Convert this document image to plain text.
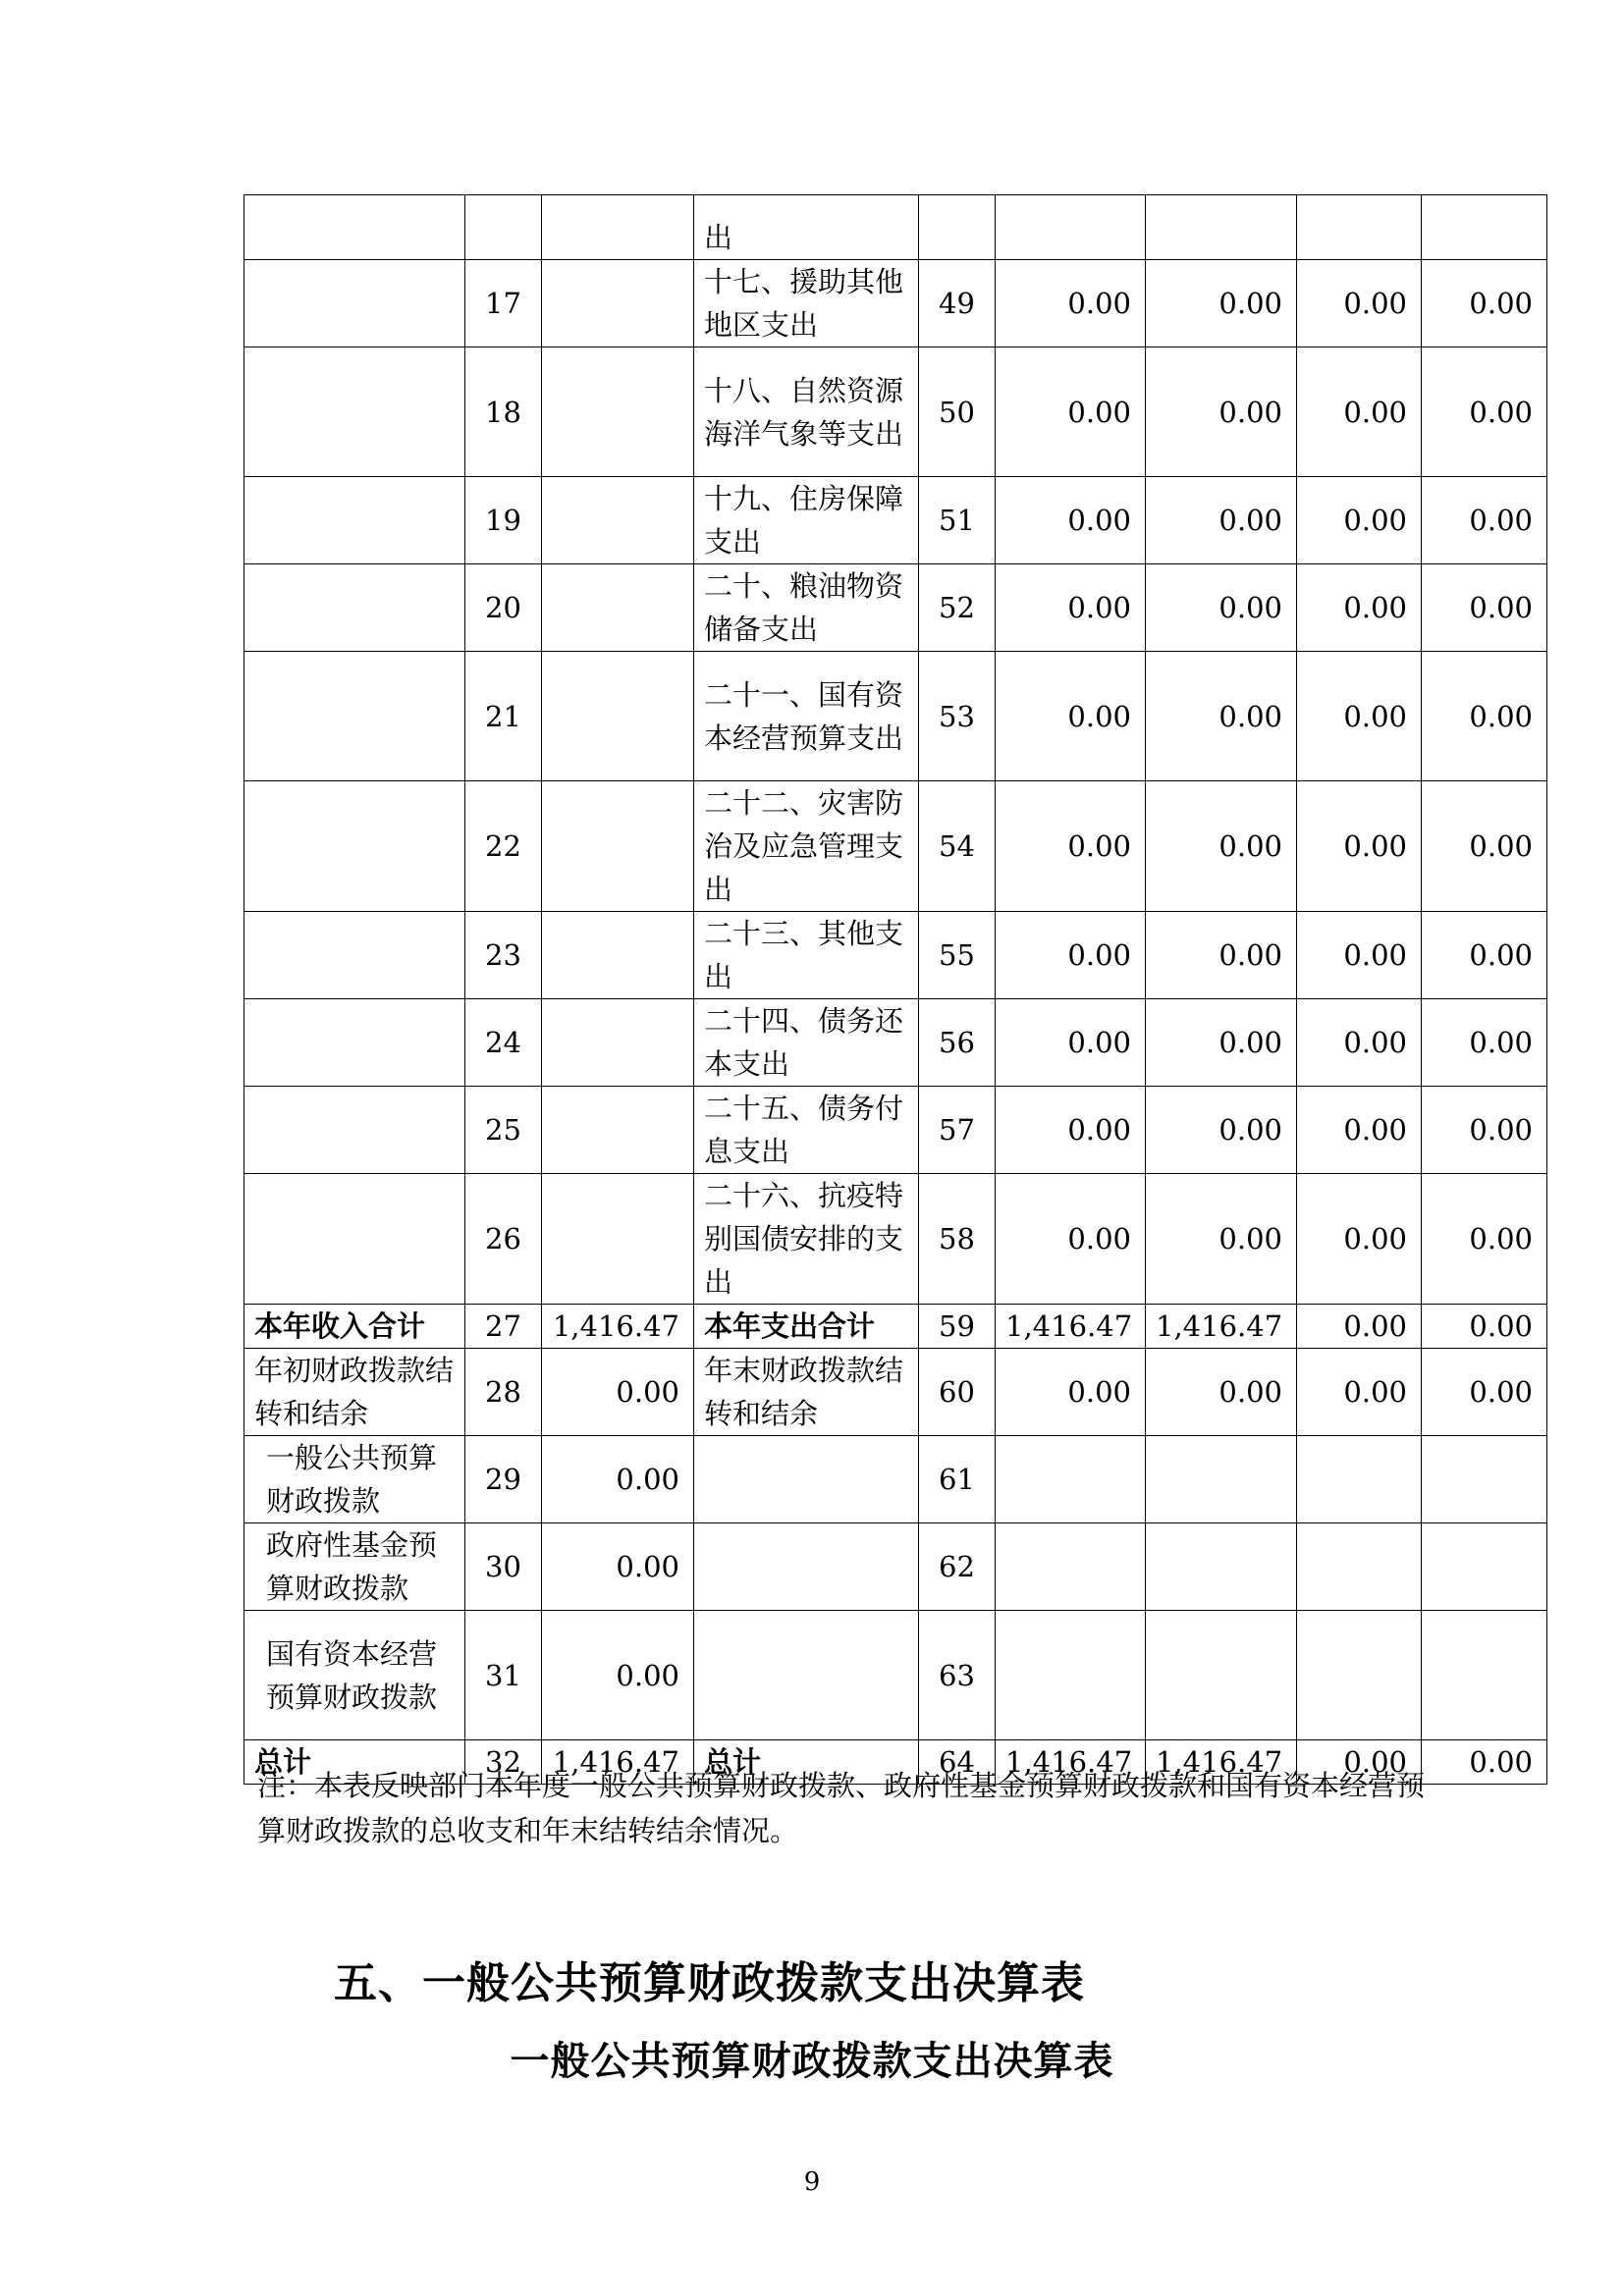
			出					
	17		十七、援助其他地区支出	49	0.00	0.00	0.00	0.00
	18		十八、自然资源海洋气象等支出	50	0.00	0.00	0.00	0.00
	19		十九、住房保障支出	51	0.00	0.00	0.00	0.00
	20		二十、粮油物资储备支出	52	0.00	0.00	0.00	0.00
	21		二十一、国有资本经营预算支出	53	0.00	0.00	0.00	0.00
	22		二十二、灾害防治及应急管理支出	54	0.00	0.00	0.00	0.00
	23		二十三、其他支出	55	0.00	0.00	0.00	0.00
	24		二十四、债务还本支出	56	0.00	0.00	0.00	0.00
	25		二十五、债务付息支出	57	0.00	0.00	0.00	0.00
	26		二十六、抗疫特别国债安排的支出	58	0.00	0.00	0.00	0.00
本年收入合计	27	1,416.47	本年支出合计	59	1,416.47	1,416.47	0.00	0.00
年初财政拨款结转和结余	28	0.00	年末财政拨款结转和结余	60	0.00	0.00	0.00	0.00
一般公共预算财政拨款	29	0.00		61				
政府性基金预算财政拨款	30	0.00		62				
国有资本经营预算财政拨款	31	0.00		63				
总计	32	1,416.47	总计	64	1,416.47	1,416.47	0.00	0.00
注：本表反映部门本年度一般公共预算财政拨款、政府性基金预算财政拨款和国有资本经营预算财政拨款的总收支和年末结转结余情况。
五、一般公共预算财政拨款支出决算表
一般公共预算财政拨款支出决算表
9
